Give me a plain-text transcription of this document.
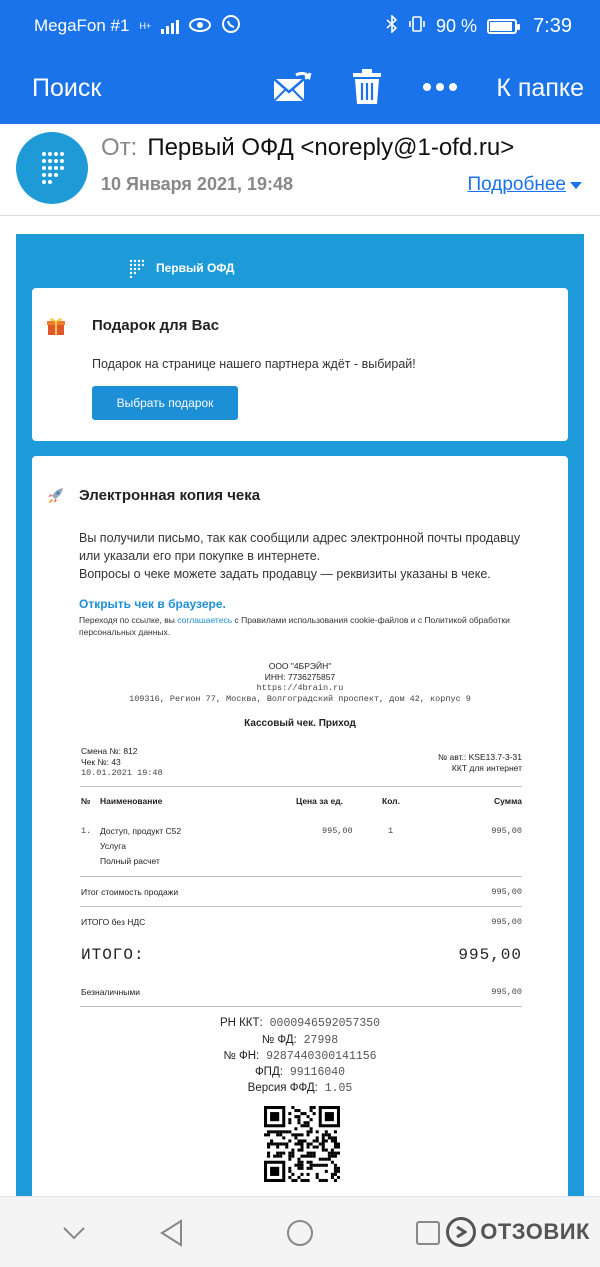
MegaFon #1 H+	90 %	7:39
Поиск	К папке
От: Первый ОФД <noreply@1-ofd.ru>
10 Января 2021, 19:48	Подробнее
Первый ОФД
Подарок для Вас
Подарок на странице нашего партнера ждёт - выбирай!
Выбрать подарок
Электронная копия чека
Вы получили письмо, так как сообщили адрес электронной почты продавцу
или указали его при покупке в интернете.
Вопросы о чеке можете задать продавцу — реквизиты указаны в чеке.
Открыть чек в браузере.
Переходя по ссылке, вы соглашаетесь с Правилами использования cookie-файлов и с Политикой обработки персональных данных.
ООО "4БРЭЙН"
ИНН: 7736275857
https://4brain.ru
109316, Регион 77, Москва, Волгоградский проспект, дом 42, корпус 9
Кассовый чек. Приход
Смена №: 812
Чек №: 43
10.01.2021 19:48
№ авт.: KSE13.7-3-31
ККТ для интернет
№ Наименование	Цена за ед.	Кол.	Сумма
1. Доступ, продукт C52
Услуга
Полный расчет
995,00	1	995,00
Итог стоимость продажи	995,00
ИТОГО без НДС	995,00
ИТОГО:	995,00
Безналичными	995,00
РН ККТ: 0000946592057350
№ ФД: 27998
№ ФН: 9287440300141156
ФПД: 99116040
Версия ФФД: 1.05
ОТЗОВИК
